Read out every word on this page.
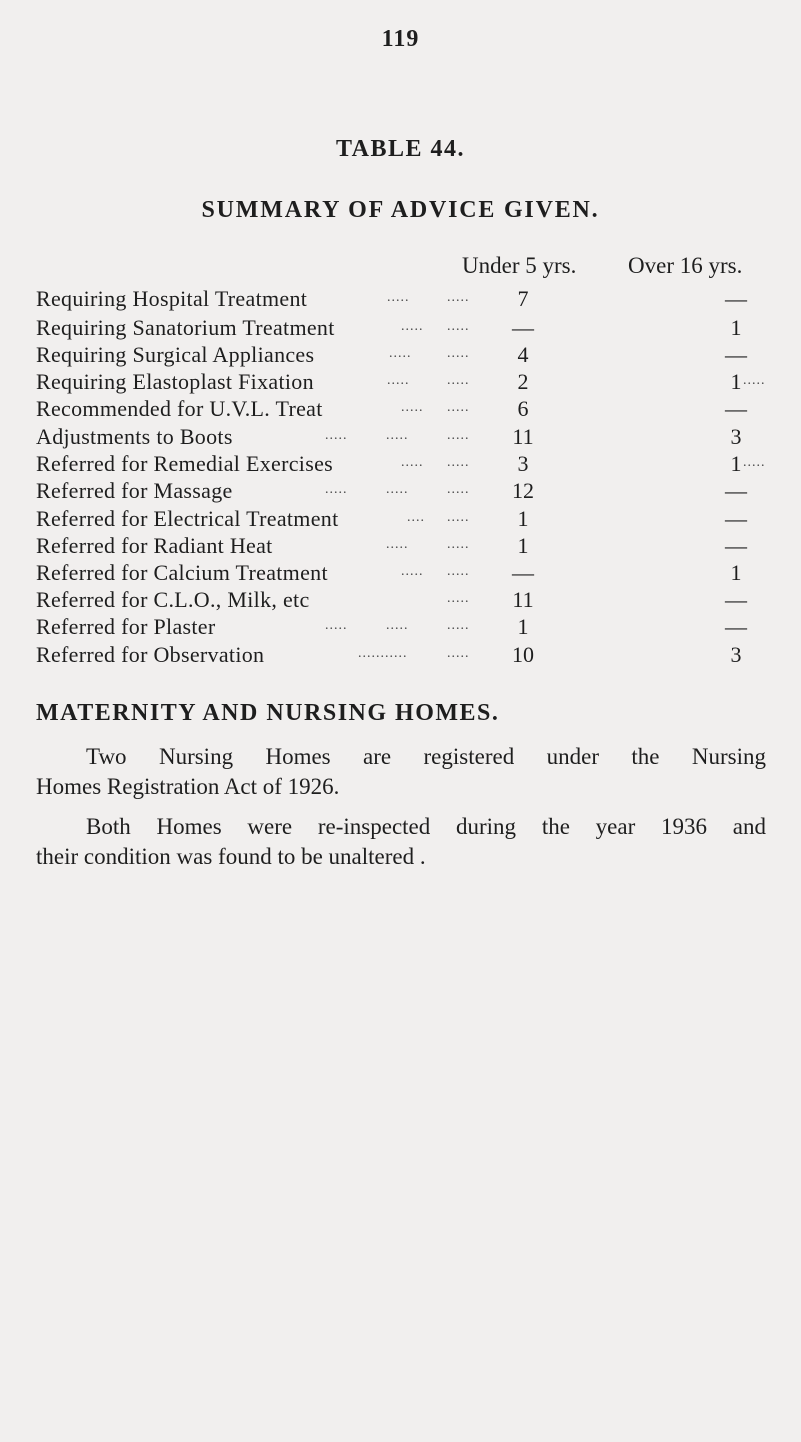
119
TABLE 44.
SUMMARY OF ADVICE GIVEN.
Under 5 yrs. Over 16 yrs.
Requiring Hospital Treatment	.....	.....	7	—
Requiring Sanatorium Treatment	..... .....	—	1
Requiring Surgical Appliances	.....	.....	4	—
Requiring Elastoplast Fixation	.....	.....	2	1 .....
Recommended for U.V.L. Treat	..... .....	6	—
Adjustments to Boots	.....	.....	.....	11	3
Referred for Remedial Exercises	..... .....	3	1 .....
Referred for Massage	.....	.....	.....	12	—
Referred for Electrical Treatment	.... .....	1	—
Referred for Radiant Heat	.....	.....	1	—
Referred for Calcium Treatment	..... .....	—	1
Referred for C.L.O., Milk, etc	.....	11	—
Referred for Plaster	.....	.....	.....	1	—
Referred for Observation	...........	.....	10	3
MATERNITY AND NURSING HOMES.
Two Nursing Homes are registered under the Nursing
Homes Registration Act of 1926.
Both Homes were re-inspected during the year 1936 and
their condition was found to be unaltered .
